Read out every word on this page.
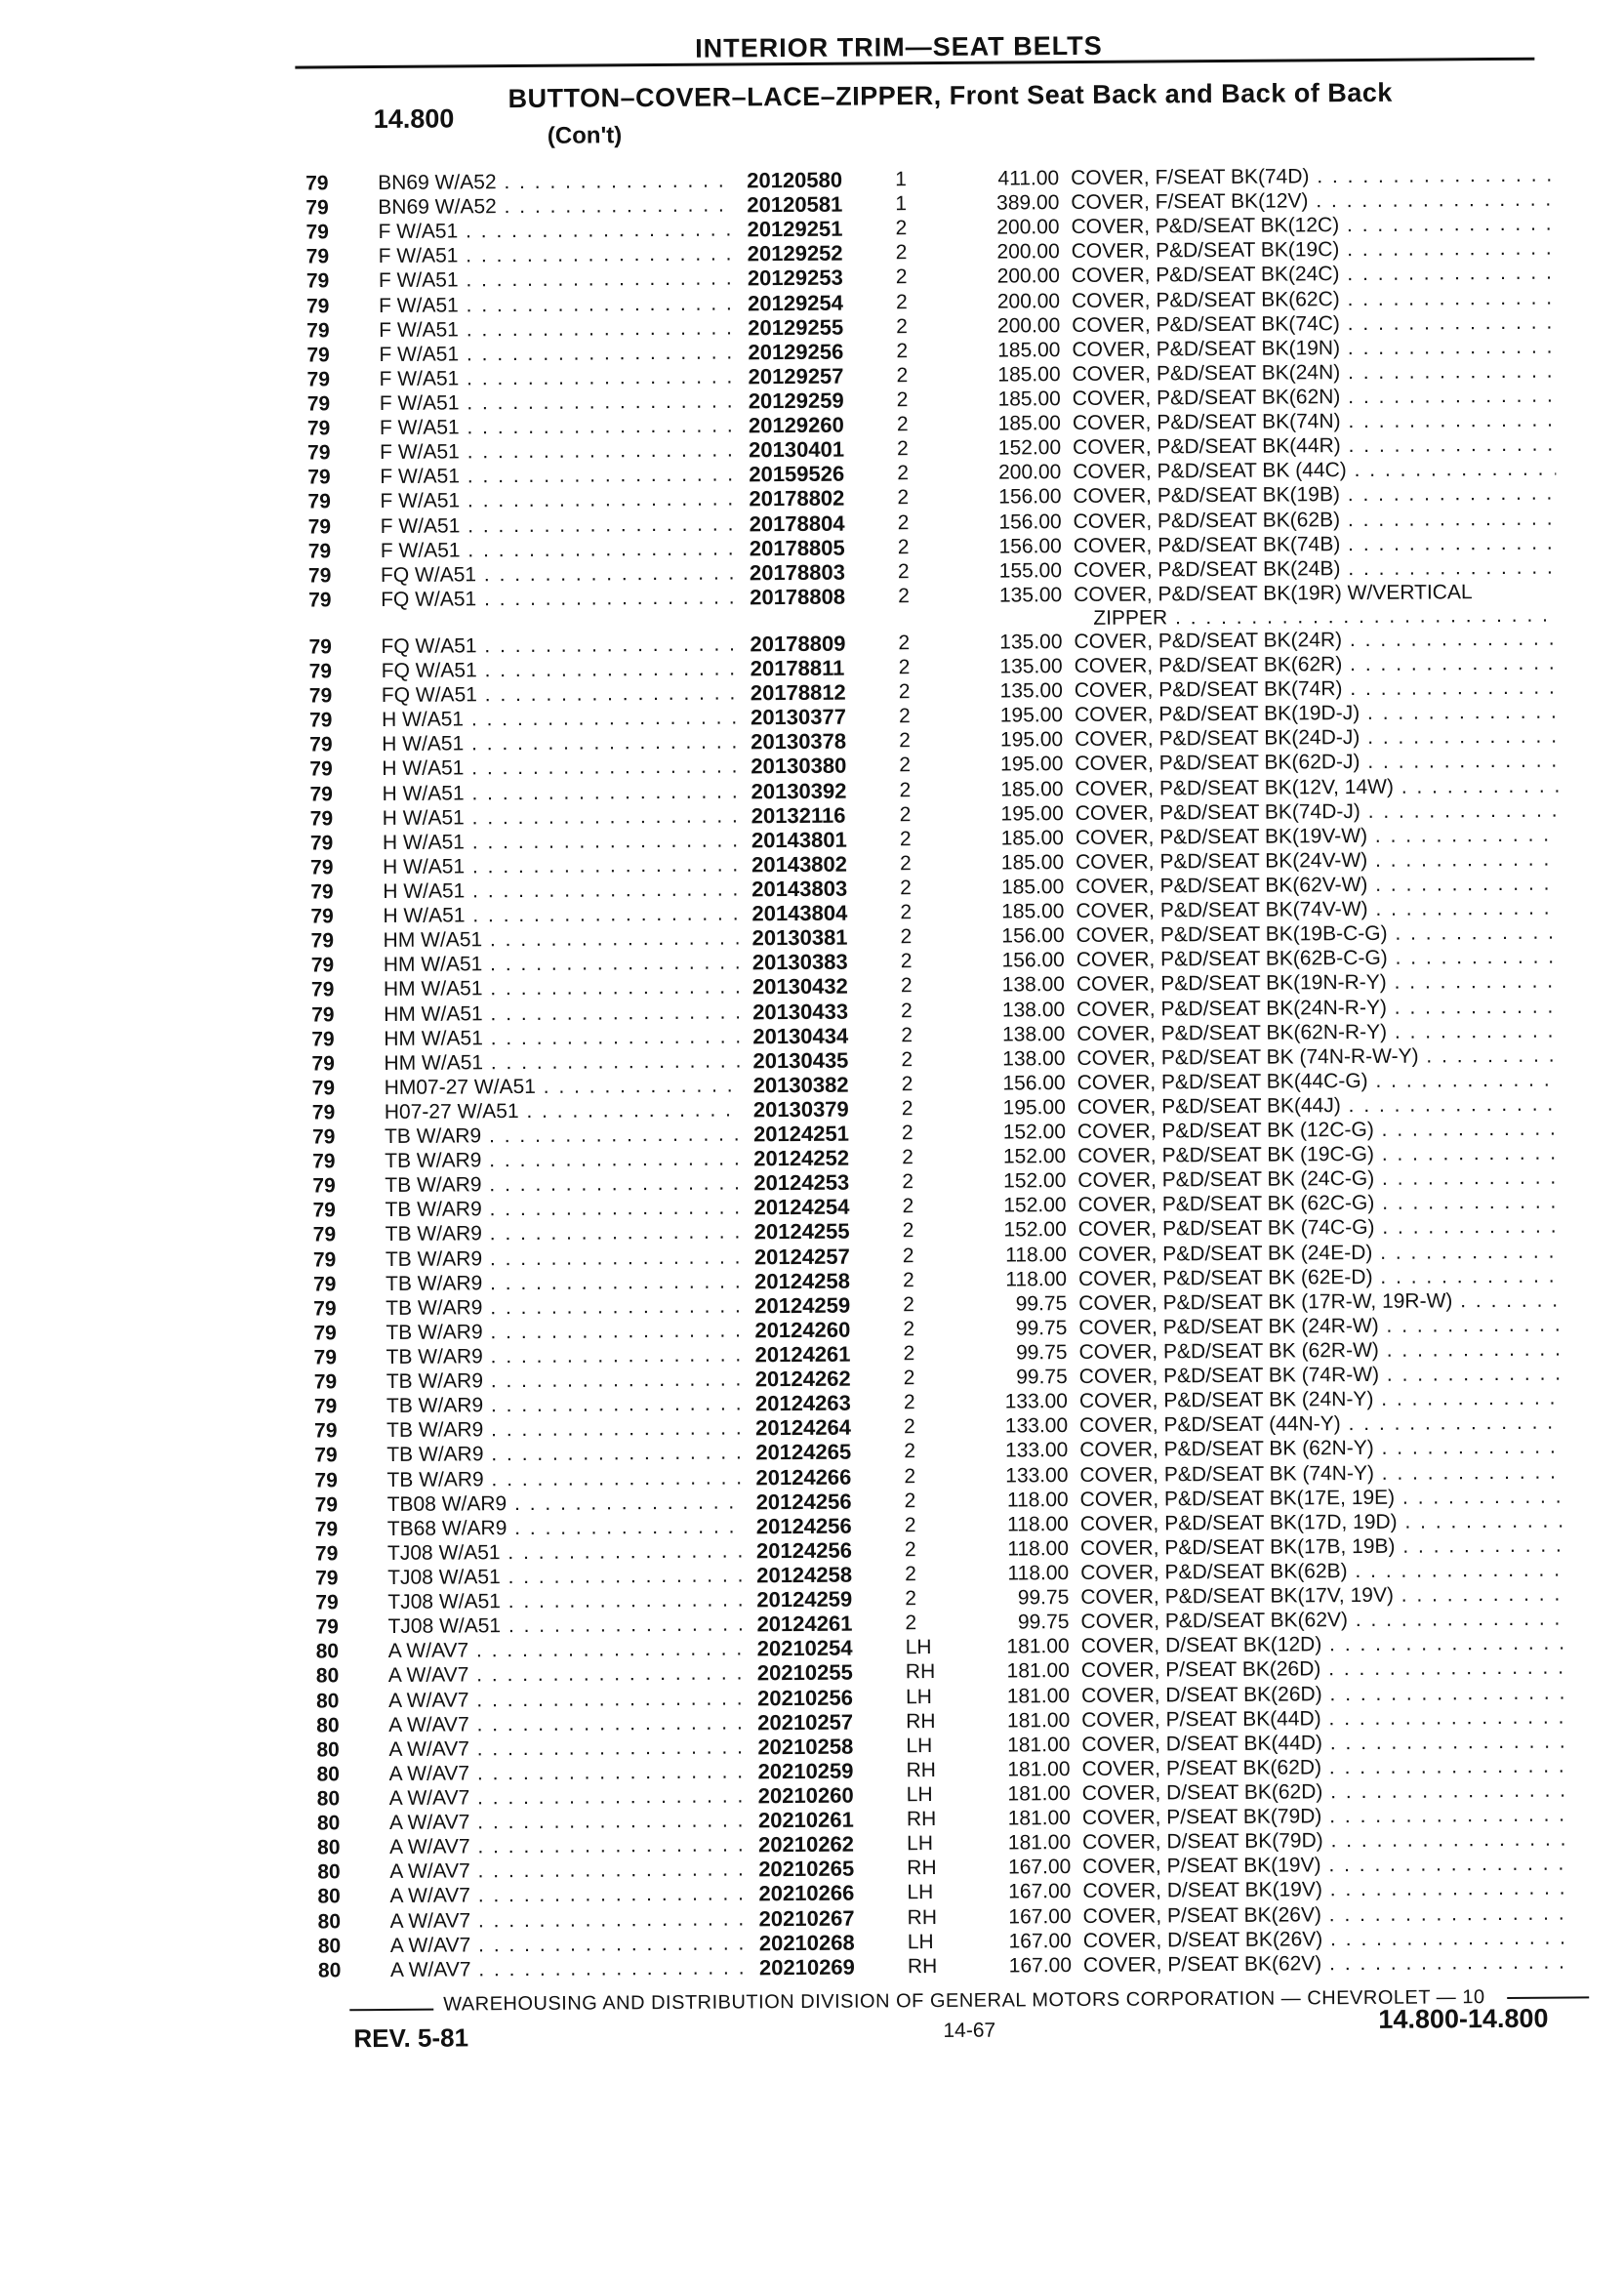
INTERIOR TRIM—SEAT BELTS
14.800
BUTTON–COVER–LACE–ZIPPER, Front Seat Back and Back of Back
(Con't)
79 BN69 W/A52 . . .	20120580	1	411.00 COVER, F/SEAT BK(74D) . . .
79 BN69 W/A52 . . .	20120581	1	389.00 COVER, F/SEAT BK(12V) . . .
79 F W/A51 . . .	20129251	2	200.00 COVER, P&D/SEAT BK(12C) . . .
79 F W/A51 . . .	20129252	2	200.00 COVER, P&D/SEAT BK(19C) . . .
79 F W/A51 . . .	20129253	2	200.00 COVER, P&D/SEAT BK(24C) . . .
79 F W/A51 . . .	20129254	2	200.00 COVER, P&D/SEAT BK(62C) . . .
79 F W/A51 . . .	20129255	2	200.00 COVER, P&D/SEAT BK(74C) . . .
79 F W/A51 . . .	20129256	2	185.00 COVER, P&D/SEAT BK(19N) . . .
79 F W/A51 . . .	20129257	2	185.00 COVER, P&D/SEAT BK(24N) . . .
79 F W/A51 . . .	20129259	2	185.00 COVER, P&D/SEAT BK(62N) . . .
79 F W/A51 . . .	20129260	2	185.00 COVER, P&D/SEAT BK(74N) . . .
79 F W/A51 . . .	20130401	2	152.00 COVER, P&D/SEAT BK(44R) . . .
79 F W/A51 . . .	20159526	2	200.00 COVER, P&D/SEAT BK (44C) . . .
79 F W/A51 . . .	20178802	2	156.00 COVER, P&D/SEAT BK(19B) . . .
79 F W/A51 . . .	20178804	2	156.00 COVER, P&D/SEAT BK(62B) . . .
79 F W/A51 . . .	20178805	2	156.00 COVER, P&D/SEAT BK(74B) . . .
79 FQ W/A51 . . .	20178803	2	155.00 COVER, P&D/SEAT BK(24B) . . .
79 FQ W/A51 . . .	20178808	2	135.00 COVER, P&D/SEAT BK(19R) W/VERTICAL
ZIPPER . . .
79 FQ W/A51 . . .	20178809	2	135.00 COVER, P&D/SEAT BK(24R) . . .
79 FQ W/A51 . . .	20178811	2	135.00 COVER, P&D/SEAT BK(62R) . . .
79 FQ W/A51 . . .	20178812	2	135.00 COVER, P&D/SEAT BK(74R) . . .
79 H W/A51 . . .	20130377	2	195.00 COVER, P&D/SEAT BK(19D-J) . . .
79 H W/A51 . . .	20130378	2	195.00 COVER, P&D/SEAT BK(24D-J) . . .
79 H W/A51 . . .	20130380	2	195.00 COVER, P&D/SEAT BK(62D-J) . . .
79 H W/A51 . . .	20130392	2	185.00 COVER, P&D/SEAT BK(12V, 14W) . . .
79 H W/A51 . . .	20132116	2	195.00 COVER, P&D/SEAT BK(74D-J) . . .
79 H W/A51 . . .	20143801	2	185.00 COVER, P&D/SEAT BK(19V-W) . . .
79 H W/A51 . . .	20143802	2	185.00 COVER, P&D/SEAT BK(24V-W) . . .
79 H W/A51 . . .	20143803	2	185.00 COVER, P&D/SEAT BK(62V-W) . . .
79 H W/A51 . . .	20143804	2	185.00 COVER, P&D/SEAT BK(74V-W) . . .
79 HM W/A51 . . .	20130381	2	156.00 COVER, P&D/SEAT BK(19B-C-G) . . .
79 HM W/A51 . . .	20130383	2	156.00 COVER, P&D/SEAT BK(62B-C-G) . . .
79 HM W/A51 . . .	20130432	2	138.00 COVER, P&D/SEAT BK(19N-R-Y) . . .
79 HM W/A51 . . .	20130433	2	138.00 COVER, P&D/SEAT BK(24N-R-Y) . . .
79 HM W/A51 . . .	20130434	2	138.00 COVER, P&D/SEAT BK(62N-R-Y) . . .
79 HM W/A51 . . .	20130435	2	138.00 COVER, P&D/SEAT BK (74N-R-W-Y) . . .
79 HM07-27 W/A51 . . .	20130382	2	156.00 COVER, P&D/SEAT BK(44C-G) . . .
79 H07-27 W/A51 . . .	20130379	2	195.00 COVER, P&D/SEAT BK(44J) . . .
79 TB W/AR9 . . .	20124251	2	152.00 COVER, P&D/SEAT BK (12C-G) . . .
79 TB W/AR9 . . .	20124252	2	152.00 COVER, P&D/SEAT BK (19C-G) . . .
79 TB W/AR9 . . .	20124253	2	152.00 COVER, P&D/SEAT BK (24C-G) . . .
79 TB W/AR9 . . .	20124254	2	152.00 COVER, P&D/SEAT BK (62C-G) . . .
79 TB W/AR9 . . .	20124255	2	152.00 COVER, P&D/SEAT BK (74C-G) . . .
79 TB W/AR9 . . .	20124257	2	118.00 COVER, P&D/SEAT BK (24E-D) . . .
79 TB W/AR9 . . .	20124258	2	118.00 COVER, P&D/SEAT BK (62E-D) . . .
79 TB W/AR9 . . .	20124259	2	99.75 COVER, P&D/SEAT BK (17R-W, 19R-W) . . .
79 TB W/AR9 . . .	20124260	2	99.75 COVER, P&D/SEAT BK (24R-W) . . .
79 TB W/AR9 . . .	20124261	2	99.75 COVER, P&D/SEAT BK (62R-W) . . .
79 TB W/AR9 . . .	20124262	2	99.75 COVER, P&D/SEAT BK (74R-W) . . .
79 TB W/AR9 . . .	20124263	2	133.00 COVER, P&D/SEAT BK (24N-Y) . . .
79 TB W/AR9 . . .	20124264	2	133.00 COVER, P&D/SEAT (44N-Y) . . .
79 TB W/AR9 . . .	20124265	2	133.00 COVER, P&D/SEAT BK (62N-Y) . . .
79 TB W/AR9 . . .	20124266	2	133.00 COVER, P&D/SEAT BK (74N-Y) . . .
79 TB08 W/AR9 . . .	20124256	2	118.00 COVER, P&D/SEAT BK(17E, 19E) . . .
79 TB68 W/AR9 . . .	20124256	2	118.00 COVER, P&D/SEAT BK(17D, 19D) . . .
79 TJ08 W/A51 . . .	20124256	2	118.00 COVER, P&D/SEAT BK(17B, 19B) . . .
79 TJ08 W/A51 . . .	20124258	2	118.00 COVER, P&D/SEAT BK(62B) . . .
79 TJ08 W/A51 . . .	20124259	2	99.75 COVER, P&D/SEAT BK(17V, 19V) . . .
79 TJ08 W/A51 . . .	20124261	2	99.75 COVER, P&D/SEAT BK(62V) . . .
80 A W/AV7 . . .	20210254	LH	181.00 COVER, D/SEAT BK(12D) . . .
80 A W/AV7 . . .	20210255	RH	181.00 COVER, P/SEAT BK(26D) . . .
80 A W/AV7 . . .	20210256	LH	181.00 COVER, D/SEAT BK(26D) . . .
80 A W/AV7 . . .	20210257	RH	181.00 COVER, P/SEAT BK(44D) . . .
80 A W/AV7 . . .	20210258	LH	181.00 COVER, D/SEAT BK(44D) . . .
80 A W/AV7 . . .	20210259	RH	181.00 COVER, P/SEAT BK(62D) . . .
80 A W/AV7 . . .	20210260	LH	181.00 COVER, D/SEAT BK(62D) . . .
80 A W/AV7 . . .	20210261	RH	181.00 COVER, P/SEAT BK(79D) . . .
80 A W/AV7 . . .	20210262	LH	181.00 COVER, D/SEAT BK(79D) . . .
80 A W/AV7 . . .	20210265	RH	167.00 COVER, P/SEAT BK(19V) . . .
80 A W/AV7 . . .	20210266	LH	167.00 COVER, D/SEAT BK(19V) . . .
80 A W/AV7 . . .	20210267	RH	167.00 COVER, P/SEAT BK(26V) . . .
80 A W/AV7 . . .	20210268	LH	167.00 COVER, D/SEAT BK(26V) . . .
80 A W/AV7 . . .	20210269	RH	167.00 COVER, P/SEAT BK(62V) . . .
WAREHOUSING AND DISTRIBUTION DIVISION OF GENERAL MOTORS CORPORATION — CHEVROLET — 10
REV. 5-81	14-67	14.800-14.800
